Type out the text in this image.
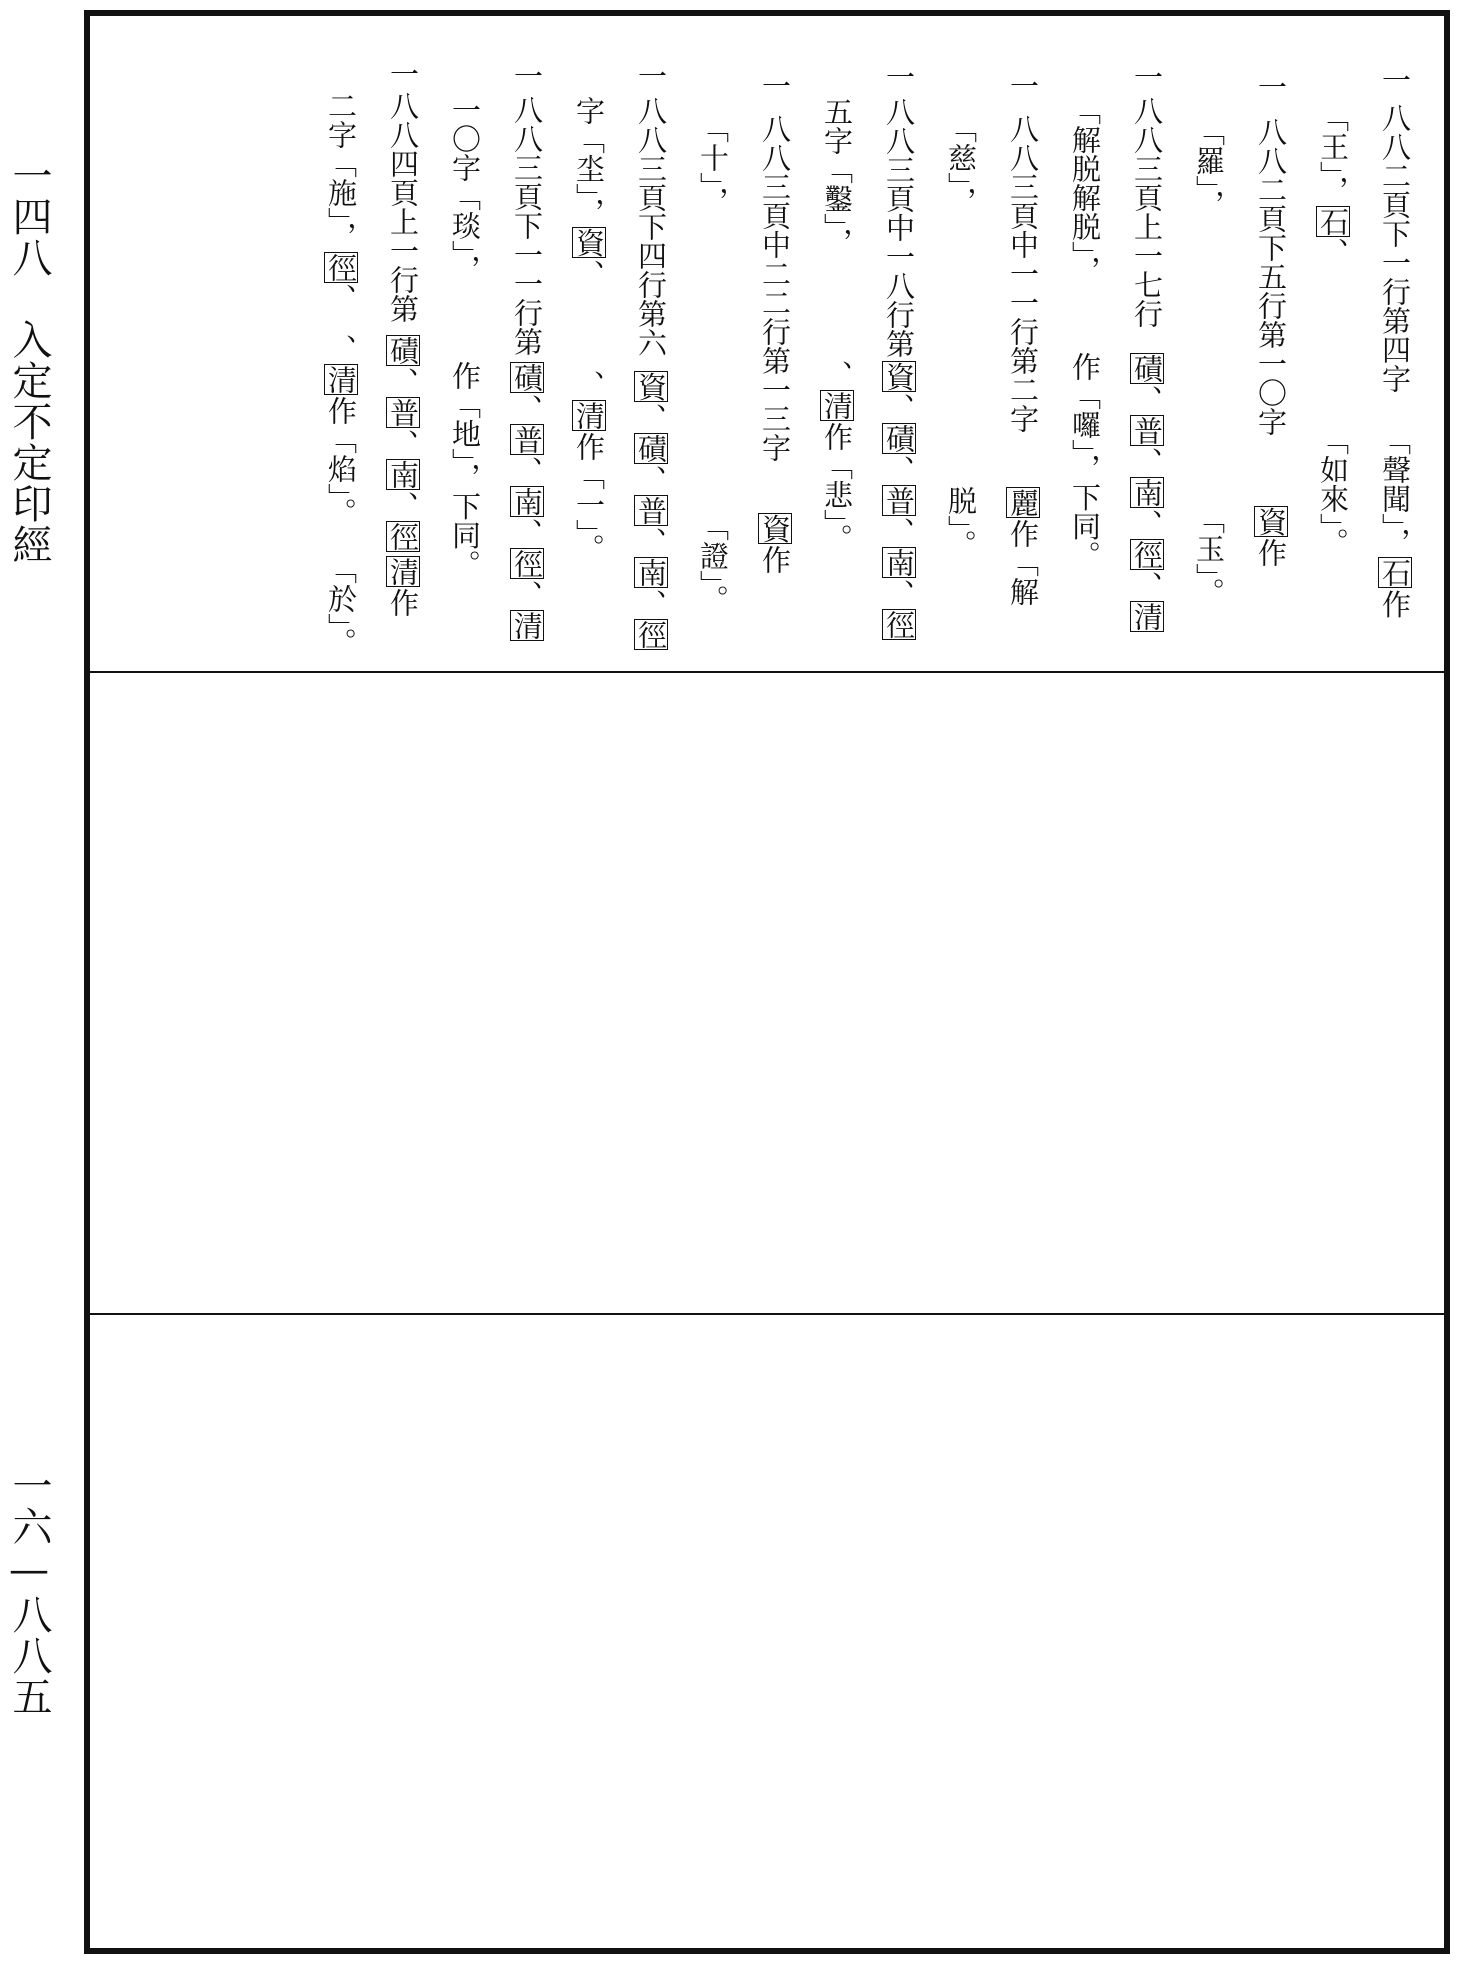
一四八　入定不定印經
一六—八八五
一
八八二頁下一行第四字「王」，石、
「聲聞」，石作「如來」。
一
八八二頁下五行第一〇字「羅」，
資作「玉」。
一
八八三頁上一七行「解脱解脱」，
磧、普、南、徑、清作「囉」，下同。
一
八八三頁中一一行第二字「慈」，
麗作「解脱」。
一
八八三頁中一八行第五字「鑿」，
資、磧、普、南、徑、清作「悲」。
一
八八三頁中二二行第一三字「十」，
資作「證」。
一
八八三頁下四行第六字「坔」，資、
資、磧、普、南、徑、清作「一」。
一
八八三頁下一一行第一〇字「琰」，
磧、普、南、徑、清作「地」，下同。
一
八八四頁上一行第二字「施」，徑、
磧、普、南、徑、清作「焰」。
清作「於」。
